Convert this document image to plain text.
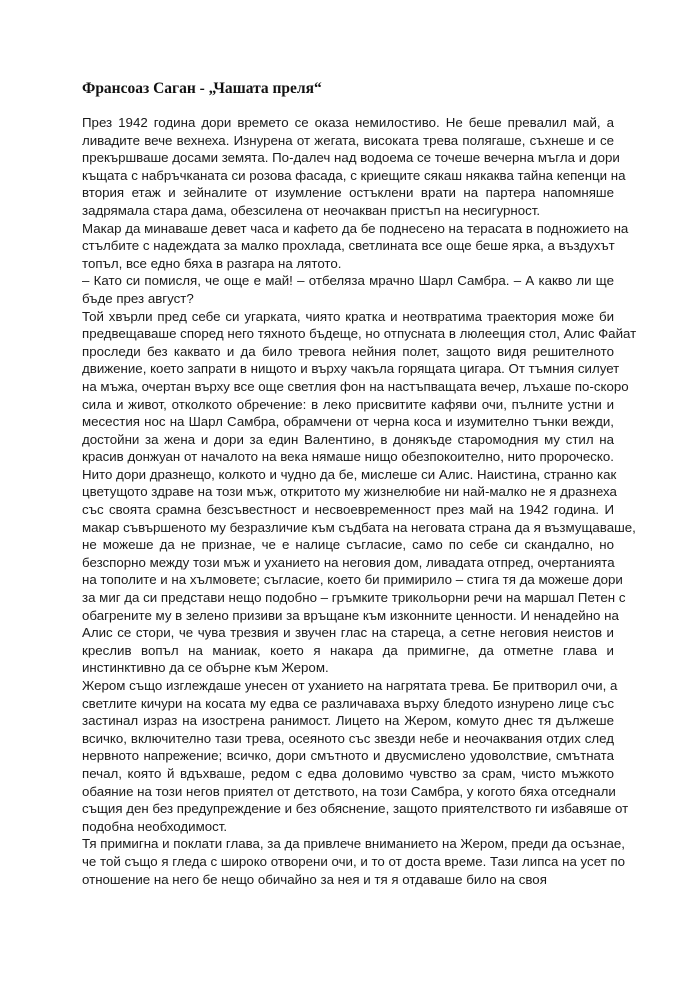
Франсоаз Саган - „Чашата преля“
През 1942 година дори времето се оказа немилостиво. Не беше превалил май, а
ливадите вече вехнеха. Изнурена от жегата, високата трева полягаше, съхнеше и се
прекършваше досами земята. По-далеч над водоема се точеше вечерна мъгла и дори
къщата с набръчканата си розова фасада, с криещите сякаш някаква тайна кепенци на
втория етаж и зейналите от изумление остъклени врати на партера напомняше
задрямала стара дама, обезсилена от неочакван пристъп на несигурност.
Макар да минаваше девет часа и кафето да бе поднесено на терасата в подножието на
стълбите с надеждата за малко прохлада, светлината все още беше ярка, а въздухът
топъл, все едно бяха в разгара на лятото.
– Като си помисля, че още е май! – отбеляза мрачно Шарл Самбра. – А какво ли ще
бъде през август?
Той хвърли пред себе си угарката, чиято кратка и неотвратима траектория може би
предвещаваше според него тяхното бъдеще, но отпусната в люлеещия стол, Алис Файат
проследи без каквато и да било тревога нейния полет, защото видя решителното
движение, което запрати в нищото и върху чакъла горящата цигара. От тъмния силует
на мъжа, очертан върху все още светлия фон на настъпващата вечер, лъхаше по-скоро
сила и живот, отколкото обречение: в леко присвитите кафяви очи, пълните устни и
месестия нос на Шарл Самбра, обрамчени от черна коса и изумително тънки вежди,
достойни за жена и дори за един Валентино, в донякъде старомодния му стил на
красив донжуан от началото на века нямаше нищо обезпокоително, нито пророческо.
Нито дори дразнещо, колкото и чудно да бе, мислеше си Алис. Наистина, странно как
цветущото здраве на този мъж, откритото му жизнелюбие ни най-малко не я дразнеха
със своята срамна безсъвестност и несвоевременност през май на 1942 година. И
макар съвършеното му безразличие към съдбата на неговата страна да я възмущаваше,
не можеше да не признае, че е налице съгласие, само по себе си скандално, но
безспорно между този мъж и уханието на неговия дом, ливадата отпред, очертанията
на тополите и на хълмовете; съгласие, което би примирило – стига тя да можеше дори
за миг да си представи нещо подобно – гръмките трикольорни речи на маршал Петен с
обагрените му в зелено призиви за връщане към изконните ценности. И ненадейно на
Алис се стори, че чува трезвия и звучен глас на стареца, а сетне неговия неистов и
креслив вопъл на маниак, което я накара да примигне, да отметне глава и
инстинктивно да се обърне към Жером.
Жером също изглеждаше унесен от уханието на нагрятата трева. Бе притворил очи, а
светлите кичури на косата му едва се различаваха върху бледото изнурено лице със
застинал израз на изострена ранимост. Лицето на Жером, комуто днес тя дължеше
всичко, включително тази трева, осеяното със звезди небе и неочаквания отдих след
нервното напрежение; всичко, дори смътното и двусмислено удоволствие, смътната
печал, която й вдъхваше, редом с едва доловимо чувство за срам, чисто мъжкото
обаяние на този негов приятел от детството, на този Самбра, у когото бяха отседнали
същия ден без предупреждение и без обяснение, защото приятелството ги избавяше от
подобна необходимост.
Тя примигна и поклати глава, за да привлече вниманието на Жером, преди да осъзнае,
че той също я гледа с широко отворени очи, и то от доста време. Тази липса на усет по
отношение на него бе нещо обичайно за нея и тя я отдаваше било на своя
